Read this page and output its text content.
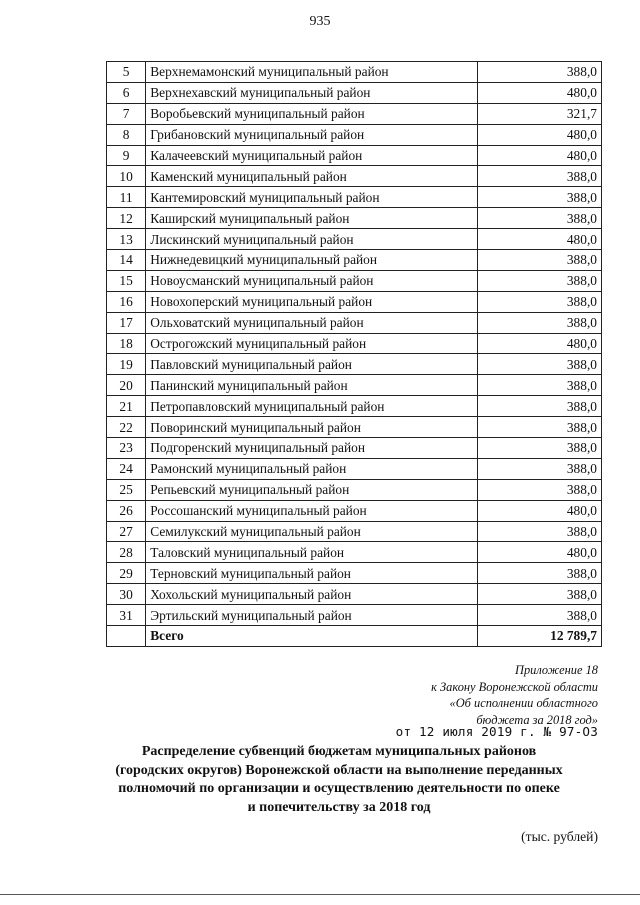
935
5	Верхнемамонский муниципальный район	388,0
6	Верхнехавский муниципальный район	480,0
7	Воробьевский муниципальный район	321,7
8	Грибановский муниципальный район	480,0
9	Калачеевский муниципальный район	480,0
10	Каменский муниципальный район	388,0
11	Кантемировский муниципальный район	388,0
12	Каширский муниципальный район	388,0
13	Лискинский муниципальный район	480,0
14	Нижнедевицкий муниципальный район	388,0
15	Новоусманский муниципальный район	388,0
16	Новохоперский муниципальный район	388,0
17	Ольховатский муниципальный район	388,0
18	Острогожский муниципальный район	480,0
19	Павловский муниципальный район	388,0
20	Панинский муниципальный район	388,0
21	Петропавловский муниципальный район	388,0
22	Поворинский муниципальный район	388,0
23	Подгоренский муниципальный район	388,0
24	Рамонский муниципальный район	388,0
25	Репьевский муниципальный район	388,0
26	Россошанский муниципальный район	480,0
27	Семилукский муниципальный район	388,0
28	Таловский муниципальный район	480,0
29	Терновский муниципальный район	388,0
30	Хохольский муниципальный район	388,0
31	Эртильский муниципальный район	388,0
	Всего	12 789,7
Приложение 18
к Закону Воронежской области
«Об исполнении областного
бюджета за 2018 год»
от 12 июля 2019 г. № 97-ОЗ
Распределение субвенций бюджетам муниципальных районов
(городских округов) Воронежской области на выполнение переданных
полномочий по организации и осуществлению деятельности по опеке
и попечительству за 2018 год
(тыс. рублей)
